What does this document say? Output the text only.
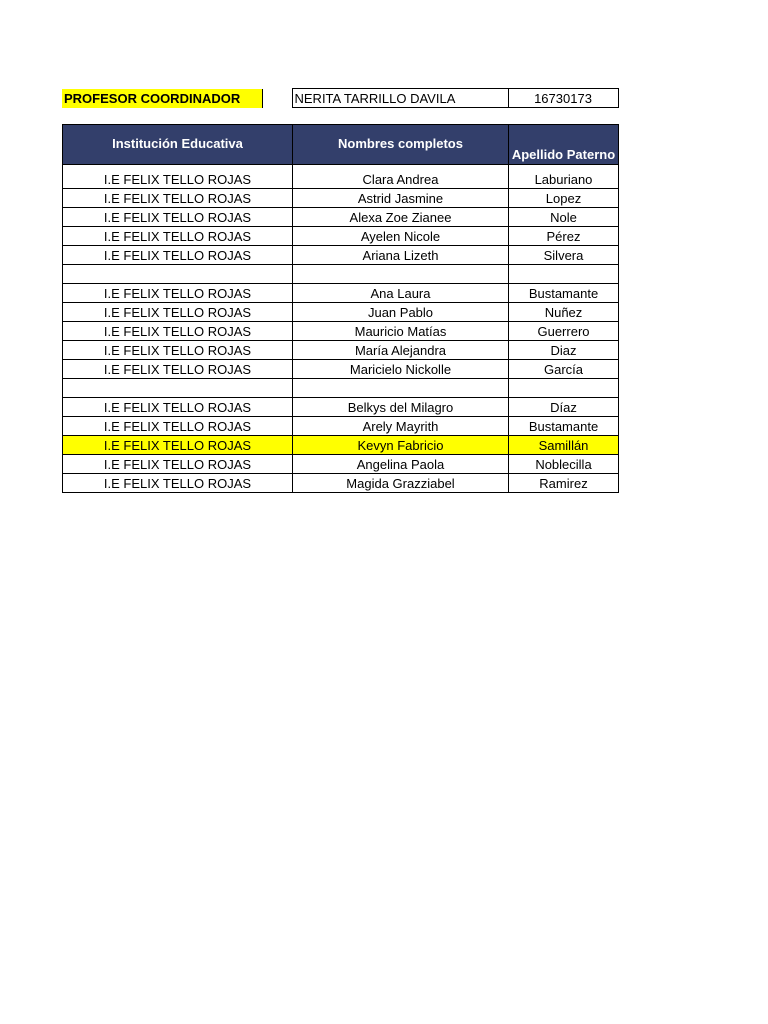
PROFESOR COORDINADOR		NERITA TARRILLO DAVILA	16730173
Institución Educativa	Nombres completos	Apellido Paterno
I.E FELIX TELLO ROJAS	Clara Andrea	Laburiano
I.E FELIX TELLO ROJAS	Astrid Jasmine	Lopez
I.E FELIX TELLO ROJAS	Alexa Zoe Zianee	Nole
I.E FELIX TELLO ROJAS	Ayelen Nicole	Pérez
I.E FELIX TELLO ROJAS	Ariana Lizeth	Silvera

I.E FELIX TELLO ROJAS	Ana Laura	Bustamante
I.E FELIX TELLO ROJAS	Juan Pablo	Nuñez
I.E FELIX TELLO ROJAS	Mauricio Matías	Guerrero
I.E FELIX TELLO ROJAS	María Alejandra	Diaz
I.E FELIX TELLO ROJAS	Maricielo Nickolle	García

I.E FELIX TELLO ROJAS	Belkys del Milagro	Díaz
I.E FELIX TELLO ROJAS	Arely Mayrith	Bustamante
I.E FELIX TELLO ROJAS	Kevyn Fabricio	Samillán
I.E FELIX TELLO ROJAS	Angelina Paola	Noblecilla
I.E FELIX TELLO ROJAS	Magida Grazziabel	Ramirez
